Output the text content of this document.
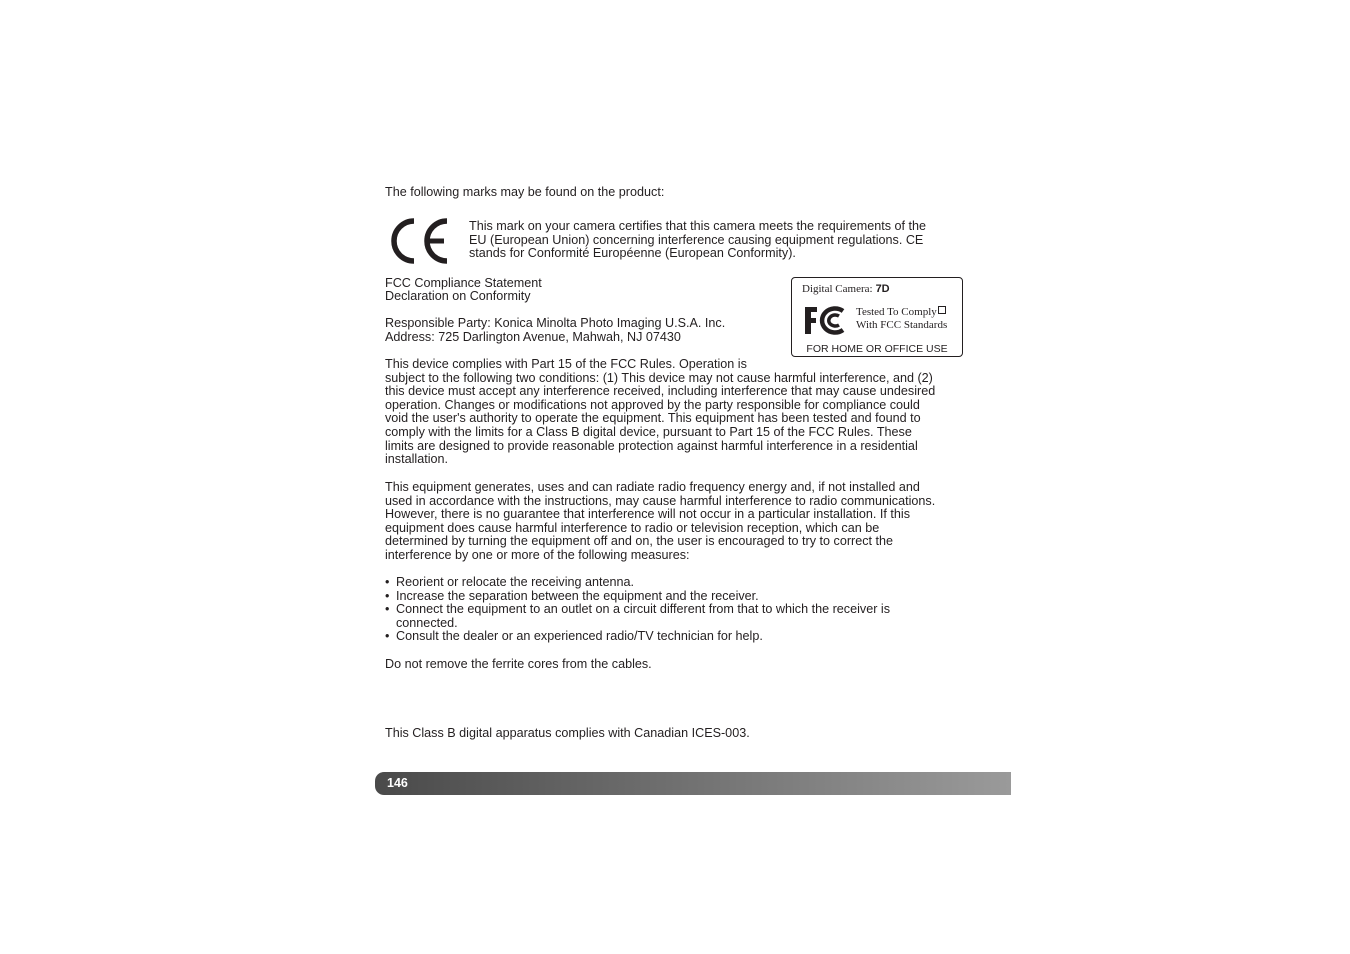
The following marks may be found on the product:

This mark on your camera certifies that this camera meets the requirements of the

EU (European Union) concerning interference causing equipment regulations. CE

stands for Conformité Européenne (European Conformity).

FCC Compliance Statement
Declaration on Conformity
Responsible Party: Konica Minolta Photo Imaging U.S.A. Inc.
Address: 725 Darlington Avenue, Mahwah, NJ 07430
Digital Camera: 7D
Tested To Comply
With FCC Standards
FOR HOME OR OFFICE USE

This device complies with Part 15 of the FCC Rules. Operation is

subject to the following two conditions: (1) This device may not cause harmful interference, and (2)

this device must accept any interference received, including interference that may cause undesired

operation. Changes or modifications not approved by the party responsible for compliance could

void the user's authority to operate the equipment. This equipment has been tested and found to

comply with the limits for a Class B digital device, pursuant to Part 15 of the FCC Rules. These

limits are designed to provide reasonable protection against harmful interference in a residential

installation.

This equipment generates, uses and can radiate radio frequency energy and, if not installed and

used in accordance with the instructions, may cause harmful interference to radio communications.

However, there is no guarantee that interference will not occur in a particular installation. If this

equipment does cause harmful interference to radio or television reception, which can be

determined by turning the equipment off and on, the user is encouraged to try to correct the

interference by one or more of the following measures:

• Reorient or relocate the receiving antenna.
• Increase the separation between the equipment and the receiver.
• Connect the equipment to an outlet on a circuit different from that to which the receiver is
connected.
• Consult the dealer or an experienced radio/TV technician for help.
Do not remove the ferrite cores from the cables.
This Class B digital apparatus complies with Canadian ICES-003.
146
